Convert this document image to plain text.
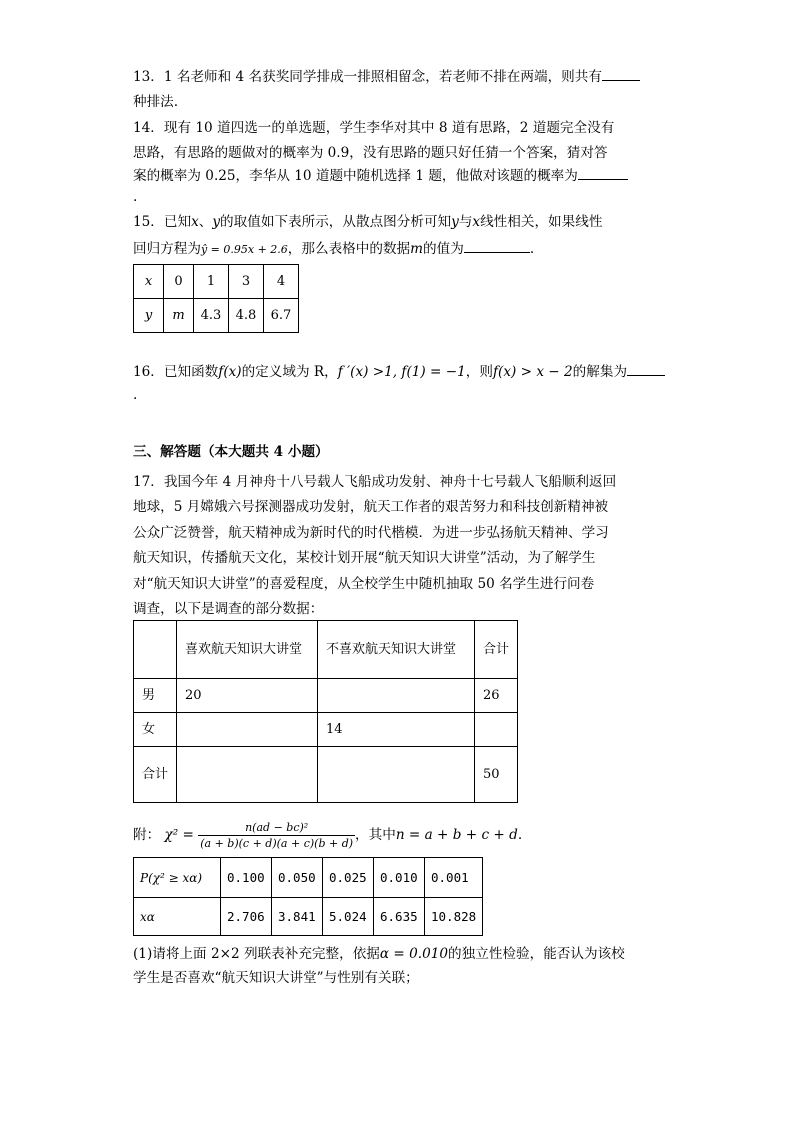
13．1 名老师和 4 名获奖同学排成一排照相留念，若老师不排在两端，则共有
种排法.
14．现有 10 道四选一的单选题，学生李华对其中 8 道有思路，2 道题完全没有
思路，有思路的题做对的概率为 0.9，没有思路的题只好任猜一个答案，猜对答
案的概率为 0.25，李华从 10 道题中随机选择 1 题，他做对该题的概率为
.
15．已知x、y的取值如下表所示，从散点图分析可知y与x线性相关，如果线性
回归方程为ŷ = 0.95x + 2.6，那么表格中的数据m的值为	.
x	0	1	3	4
y	m	4.3	4.8	6.7
16．已知函数f(x)的定义域为 R，f ′(x) >1, f(1) = −1，则f(x) > x − 2的解集为
.
三、解答题（本大题共 4 小题）
17．我国今年 4 月神舟十八号载人飞船成功发射、神舟十七号载人飞船顺利返回
地球，5 月嫦娥六号探测器成功发射，航天工作者的艰苦努力和科技创新精神被
公众广泛赞誉，航天精神成为新时代的时代楷模．为进一步弘扬航天精神、学习
航天知识，传播航天文化，某校计划开展“航天知识大讲堂”活动，为了解学生
对“航天知识大讲堂”的喜爱程度，从全校学生中随机抽取 50 名学生进行问卷
调查，以下是调查的部分数据：
	喜欢航天知识大讲堂	不喜欢航天知识大讲堂	合计
男	20		26
女		14	
合计			50
附： $\chi^2 = \frac{\text{n(ad − bc)²}}{(a + b)(c + d)(a + c)(b + d)}$ ，其中n = a + b + c + d.
P(χ² ≥ xα)	0.100	0.050	0.025	0.010	0.001
xα	2.706	3.841	5.024	6.635	10.828
(1)请将上面 2×2 列联表补充完整，依据α = 0.010的独立性检验，能否认为该校
学生是否喜欢“航天知识大讲堂”与性别有关联；
